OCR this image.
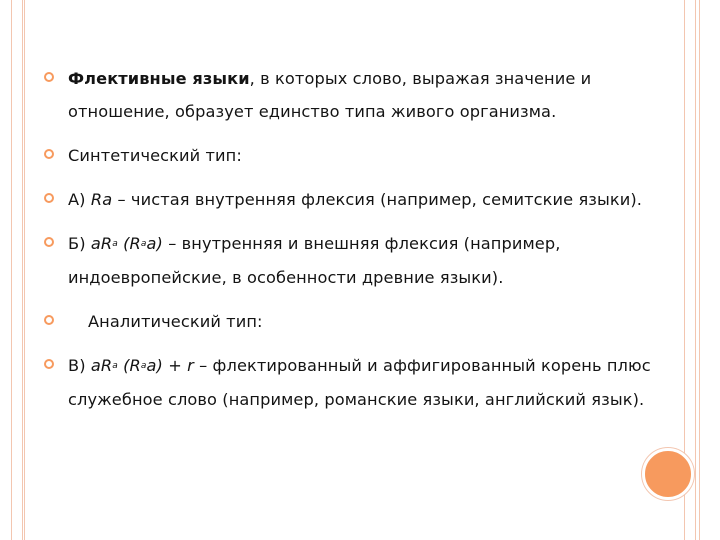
Флективные языки, в которых слово, выражая значение и отношение, образует единство типа живого организма.
Синтетический тип:
А) Ra – чистая внутренняя флексия (например, семитские языки).
Б) aRa (Raa) – внутренняя и внешняя флексия (например, индоевропейские, в особенности древние языки).
Аналитический тип:
В) aRa (Raa) + r – флектированный и аффигированный корень плюс служебное слово (например, романские языки, английский язык).
